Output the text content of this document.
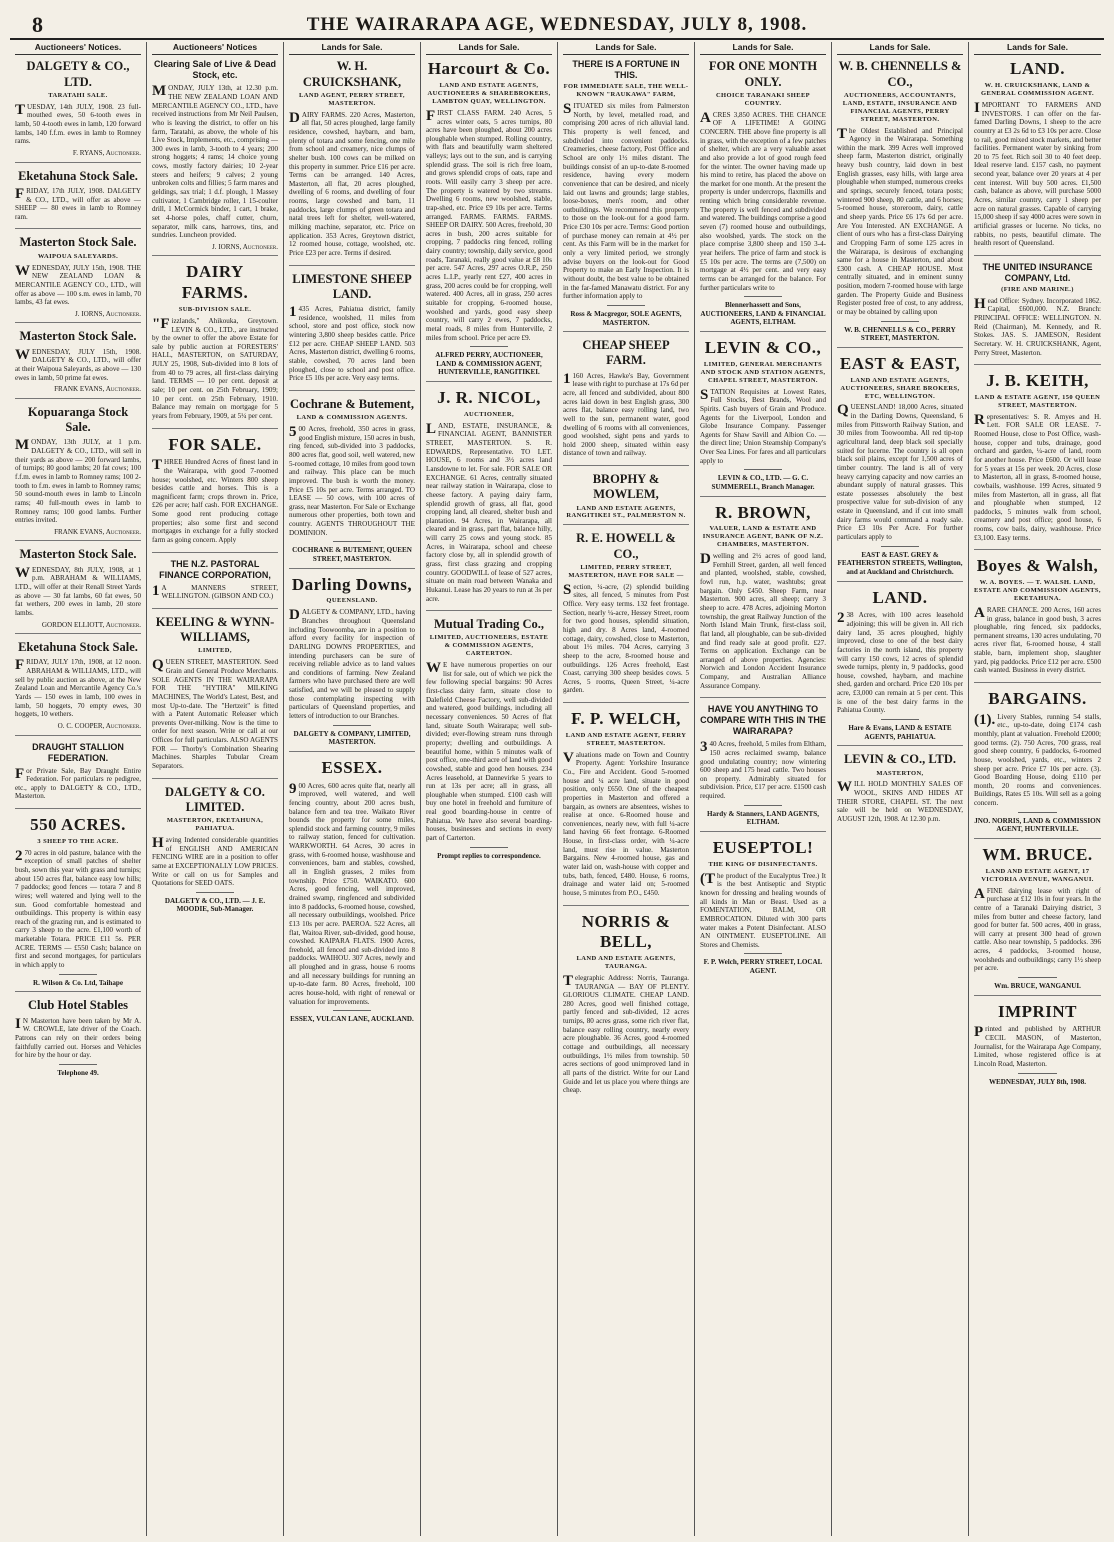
8	THE WAIRARAPA AGE, WEDNESDAY, JULY 8, 1908.
Auctioneers' Notices.
DALGETY & CO., LTD.
TARATAHI SALE.
TUESDAY, 14th JULY, 1908. 23 full-mouthed ewes, 50 6-tooth ewes in lamb, 50 4-tooth ewes in lamb, 120 forward lambs, 140 f.f.m. ewes in lamb to Romney rams.
F. RYANS, Auctioneer.
Eketahuna Stock Sale.
FRIDAY, 17th JULY, 1908. DALGETY & CO., LTD., will offer as above — SHEEP — 80 ewes in lamb to Romney ram.
Masterton Stock Sale.
WAIPOUA SALEYARDS.
WEDNESDAY, JULY 15th, 1908. THE NEW ZEALAND LOAN & MERCANTILE AGENCY CO., LTD., will offer as above — 100 s.m. ewes in lamb, 70 lambs, 43 fat ewes.
J. IORNS, Auctioneer.
Masterton Stock Sale.
WEDNESDAY, JULY 15th, 1908. DALGETY & CO., LTD., will offer at their Waipoua Saleyards, as above — 130 ewes in lamb, 50 prime fat ewes.
FRANK EVANS, Auctioneer.
Kopuaranga Stock Sale.
MONDAY, 13th JULY, at 1 p.m. DALGETY & CO., LTD., will sell in their yards as above — 200 forward lambs, of turnips; 80 good lambs; 20 fat cows; 100 f.f.m. ewes in lamb to Romney rams; 100 2-tooth to f.m. ewes in lamb to Romney rams; 50 sound-mouth ewes in lamb to Lincoln rams; 40 full-mouth ewes in lamb to Romney rams; 100 good lambs. Further entries invited.
FRANK EVANS, Auctioneer.
Masterton Stock Sale.
WEDNESDAY, 8th JULY, 1908, at 1 p.m. ABRAHAM & WILLIAMS, LTD., will offer at their Renall Street Yards as above — 30 fat lambs, 60 fat ewes, 50 fat wethers, 200 ewes in lamb, 20 store lambs.
GORDON ELLIOTT, Auctioneer.
Eketahuna Stock Sale.
FRIDAY, JULY 17th, 1908, at 12 noon. ABRAHAM & WILLIAMS, LTD., will sell by public auction as above, at the New Zealand Loan and Mercantile Agency Co.'s Yards — 150 ewes in lamb, 100 ewes in lamb, 50 hoggets, 70 empty ewes, 30 hoggets, 10 wethers.
O. C. COOPER, Auctioneer.
DRAUGHT STALLION FEDERATION.
For Private Sale, Bay Draught Entire Federation. For particulars re pedigree, etc., apply to DALGETY & CO., LTD., Masterton.
550 ACRES.
3 SHEEP TO THE ACRE.
270 acres in old pasture, balance with the exception of small patches of shelter bush, sown this year with grass and turnips; about 150 acres flat, balance easy low hills; 7 paddocks; good fences — totara 7 and 8 wires; well watered and lying well to the sun. Good comfortable homestead and outbuildings. This property is within easy reach of the grazing run, and is estimated to carry 3 sheep to the acre. £1,100 worth of marketable Totara. PRICE £11 5s. PER ACRE. TERMS — £550 Cash; balance on first and second mortgages, for particulars in which apply to
R. Wilson & Co. Ltd, Taihape
Club Hotel Stables
IN Masterton have been taken by Mr A. W. CROWLE, late driver of the Coach. Patrons can rely on their orders being faithfully carried out. Horses and Vehicles for hire by the hour or day.
Telephone 49.
Auctioneers' Notices
Clearing Sale of Live & Dead Stock, etc.
MONDAY, JULY 13th, at 12.30 p.m. THE NEW ZEALAND LOAN AND MERCANTILE AGENCY CO., LTD., have received instructions from Mr Neil Paulsen, who is leaving the district, to offer on his farm, Taratahi, as above, the whole of his Live Stock, Implements, etc., comprising — 300 ewes in lamb, 3-tooth to 4 years; 200 strong hoggets; 4 rams; 14 choice young cows, mostly factory dairies; 10 2-year steers and heifers; 9 calves; 2 young unbroken colts and fillies; 5 farm mares and geldings, sax trial; 1 d.f. plough, 1 Massey cultivator, 1 Cambridge roller, 1 15-coulter drill, 1 McCormick binder, 1 cart, 1 brake, set 4-horse poles, chaff cutter, churn, separator, milk cans, harrows, tins, and sundries. Luncheon provided.
J. IORNS, Auctioneer.
DAIRY FARMS.
SUB-DIVISION SALE.
"Fizzlands," Ahikouka, Greytown. LEVIN & CO., LTD., are instructed by the owner to offer the above Estate for sale by public auction at FORESTERS' HALL, MASTERTON, on SATURDAY, JULY 25, 1908, Sub-divided into 8 lots of from 40 to 79 acres, all first-class dairying land. TERMS — 10 per cent. deposit at sale; 10 per cent. on 25th February, 1909; 10 per cent. on 25th February, 1910. Balance may remain on mortgage for 5 years from February, 1909, at 5¼ per cent.
FOR SALE.
THREE Hundred Acres of finest land in the Wairarapa, with good 7-roomed house; woolshed, etc. Winters 800 sheep besides cattle and horses. This is a magnificent farm; crops thrown in. Price, £26 per acre; half cash. FOR EXCHANGE. Some good rent producing cottage properties; also some first and second mortgages in exchange for a fully stocked farm as going concern. Apply
THE N.Z. PASTORAL FINANCE CORPORATION,
1A MANNERS STREET, WELLINGTON. (GIBSON AND CO.)
KEELING & WYNN-WILLIAMS,
LIMITED,
QUEEN STREET, MASTERTON. Seed Grain and General Produce Merchants. SOLE AGENTS IN THE WAIRARAPA FOR THE "HYTIRA" MILKING MACHINES, The World's Latest, Best, and most Up-to-date. The "Hertzeit" is fitted with a Patent Automatic Releaser which prevents Over-milking. Now is the time to order for next season. Write or call at our Offices for full particulars. ALSO AGENTS FOR — Thorby's Combination Shearing Machines. Sharples Tubular Cream Separators.
DALGETY & CO. LIMITED.
MASTERTON, EKETAHUNA, PAHIATUA.
Having Indented considerable quantities of ENGLISH AND AMERICAN FENCING WIRE are in a position to offer same at EXCEPTIONALLY LOW PRICES. Write or call on us for Samples and Quotations for SEED OATS.
DALGETY & CO., LTD. — J. E. MOODIE, Sub-Manager.
Lands for Sale.
W. H. CRUICKSHANK,
LAND AGENT, PERRY STREET, MASTERTON.
DAIRY FARMS. 220 Acres, Masterton, all flat, 50 acres ploughed, large family residence, cowshed, haybarn, and barn, plenty of totara and some fencing, one mile from school and creamery, nice clumps of shelter bush. 100 cows can be milked on this property in summer. Price £16 per acre. Terms can be arranged. 140 Acres, Masterton, all flat, 20 acres ploughed, dwelling of 6 rooms, and dwelling of four rooms, large cowshed and barn, 11 paddocks, large clumps of green totara and natal trees left for shelter, well-watered, milking machine, separator, etc. Price on application. 353 Acres, Greytown district, 12 roomed house, cottage, woolshed, etc. Price £23 per acre. Terms if desired.
LIMESTONE SHEEP LAND.
1435 Acres, Pahiatua district, family residence, woolshed, 11 miles from school, store and post office, stock now wintering 3,800 sheep besides cattle. Price £12 per acre. CHEAP SHEEP LAND. 503 Acres, Masterton district, dwelling 6 rooms, stable, cowshed, 70 acres land been ploughed, close to school and post office. Price £5 10s per acre. Very easy terms.
Cochrane & Butement,
LAND & COMMISSION AGENTS.
500 Acres, freehold, 350 acres in grass, good English mixture, 150 acres in bush, ring fenced, sub-divided into 3 paddocks, 800 acres flat, good soil, well watered, new 5-roomed cottage, 10 miles from good town and railway. This place can be much improved. The bush is worth the money. Price £5 10s per acre. Terms arranged. TO LEASE — 50 cows, with 100 acres of grass, near Masterton. For Sale or Exchange numerous other properties, both town and country. AGENTS THROUGHOUT THE DOMINION.
COCHRANE & BUTEMENT, QUEEN STREET, MASTERTON.
Darling Downs,
QUEENSLAND.
DALGETY & COMPANY, LTD., having Branches throughout Queensland including Toowoomba, are in a position to afford every facility for inspection of DARLING DOWNS PROPERTIES, and intending purchasers can be sure of receiving reliable advice as to land values and conditions of farming. New Zealand farmers who have purchased there are well satisfied, and we will be pleased to supply those contemplating inspecting with particulars of Queensland properties, and letters of introduction to our Branches.
DALGETY & COMPANY, LIMITED, MASTERTON.
ESSEX.
900 Acres, 600 acres quite flat, nearly all improved, well watered, and well fencing country, about 200 acres bush, balance fern and tea tree. Waikato River bounds the property for some miles, splendid stock and farming country, 9 miles to railway station, fenced for cultivation. WARKWORTH. 64 Acres, 30 acres in grass, with 6-roomed house, washhouse and conveniences, barn and stables, cowshed, all in English grasses, 2 miles from township. Price £750. WAIKATO. 600 Acres, good fencing, well improved, drained swamp, ringfenced and subdivided into 8 paddocks, 6-roomed house, cowshed, all necessary outbuildings, woolshed. Price £13 10s per acre. PAEROA. 522 Acres, all flat, Waitoa River, sub-divided, good house, cowshed. KAIPARA FLATS. 1900 Acres, freehold, all fenced and sub-divided into 8 paddocks. WAIHOU. 307 Acres, newly and all ploughed and in grass, house 6 rooms and all necessary buildings for running an up-to-date farm. 80 Acres, freehold, 100 acres house-hold, with right of renewal or valuation for improvements.
ESSEX, VULCAN LANE, AUCKLAND.
Lands for Sale.
Harcourt & Co.
LAND AND ESTATE AGENTS, AUCTIONEERS & SHAREBROKERS, LAMBTON QUAY, WELLINGTON.
FIRST CLASS FARM. 240 Acres, 5 acres winter oats, 5 acres turnips, 80 acres have been ploughed, about 200 acres ploughable when stumped. Rolling country, with flats and beautifully warm sheltered valleys; lays out to the sun, and is carrying splendid grass. The soil is rich free loam, and grows splendid crops of oats, rape and roots. Will easily carry 3 sheep per acre. The property is watered by two streams. Dwelling 6 rooms, new woolshed, stable, trap-shed, etc. Price £9 10s per acre. Terms arranged. FARMS. FARMS. FARMS. SHEEP OR DAIRY. 500 Acres, freehold, 30 acres in bush, 200 acres suitable for cropping, 7 paddocks ring fenced, rolling dairy country; township, daily service, good roads, Taranaki, really good value at £8 10s per acre. 547 Acres, 297 acres O.R.P., 250 acres L.I.P., yearly rent £27, 400 acres in grass, 200 acres could be for cropping, well watered. 400 Acres, all in grass, 250 acres suitable for cropping, 6-roomed house, woolshed and yards, good easy sheep country, will carry 2 ewes, 7 paddocks, metal roads, 8 miles from Hunterville, 2 miles from school. Price per acre £9.
ALFRED PERRY, AUCTIONEER, LAND & COMMISSION AGENT, HUNTERVILLE, RANGITIKEI.
J. R. NICOL,
AUCTIONEER,
LAND, ESTATE, INSURANCE, & FINANCIAL AGENT, BANNISTER STREET, MASTERTON. S. R. EDWARDS, Representative. TO LET. HOUSE, 6 rooms and 3½ acres land Lansdowne to let. For sale. FOR SALE OR EXCHANGE. 61 Acres, centrally situated near railway station in Wairarapa, close to cheese factory. A paying dairy farm, splendid growth of grass, all flat, good cropping land, all cleared, shelter bush and plantation. 94 Acres, in Wairarapa, all cleared and in grass, part flat, balance hilly, will carry 25 cows and young stock. 85 Acres, in Wairarapa, school and cheese factory close by, all in splendid growth of grass, first class grazing and cropping country. GOODWILL of lease of 527 acres, situate on main road between Wanaka and Hukanui. Lease has 20 years to run at 3s per acre.
Mutual Trading Co.,
LIMITED, AUCTIONEERS, ESTATE & COMMISSION AGENTS, CARTERTON.
WE have numerous properties on our list for sale, out of which we pick the few following special bargains: 90 Acres first-class dairy farm, situate close to Dalefield Cheese Factory, well sub-divided and watered, good buildings, including all necessary conveniences. 50 Acres of flat land, situate South Wairarapa; well sub-divided; ever-flowing stream runs through property; dwelling and outbuildings. A beautiful home, within 5 minutes walk of post office, one-third acre of land with good cowshed, stable and good hen houses. 234 Acres leasehold, at Dannevirke 5 years to run at 13s per acre; all in grass, all ploughable when stumped. £100 cash will buy one hotel in freehold and furniture of real good boarding-house in centre of Pahiatua. We have also several boarding-houses, businesses and sections in every part of Carterton.
Prompt replies to correspondence.
Lands for Sale.
THERE IS A FORTUNE IN THIS.
FOR IMMEDIATE SALE, THE WELL-KNOWN "RAUKAWA" FARM,
SITUATED six miles from Palmerston North, by level, metalled road, and comprising 200 acres of rich alluvial land. This property is well fenced, and subdivided into convenient paddocks. Creameries, cheese factory, Post Office and School are only 1½ miles distant. The buildings consist of an up-to-date 8-roomed residence, having every modern convenience that can be desired, and nicely laid out lawns and grounds; large stables, loose-boxes, men's room, and other outbuildings. We recommend this property to those on the look-out for a good farm. Price £30 10s per acre. Terms: Good portion of purchase money can remain at 4½ per cent. As this Farm will be in the market for only a very limited period, we strongly advise buyers on the look-out for Good Property to make an Early Inspection. It is without doubt, the best value to be obtained in the far-famed Manawatu district. For any further information apply to
Ross & Macgregor, SOLE AGENTS, MASTERTON.
CHEAP SHEEP FARM.
1160 Acres, Hawke's Bay, Government lease with right to purchase at 17s 6d per acre, all fenced and subdivided, about 800 acres laid down in best English grass, 300 acres flat, balance easy rolling land, two well to the sun, permanent water, good dwelling of 6 rooms with all conveniences, good woolshed, sight pens and yards to hold 2000 sheep, situated within easy distance of town and railway.
BROPHY & MOWLEM,
LAND AND ESTATE AGENTS, RANGITIKEI ST., PALMERSTON N.
R. E. HOWELL & CO.,
LIMITED, PERRY STREET, MASTERTON, HAVE FOR SALE —
Section, ¼-acre, (2) splendid building sites, all fenced, 5 minutes from Post Office. Very easy terms. 132 feet frontage. Section, nearly ¼-acre, Hessey Street, room for two good houses, splendid situation, high and dry. 8 Acres land, 4-roomed cottage, dairy, cowshed, close to Masterton, about 1½ miles. 704 Acres, carrying 3 sheep to the acre, 8-roomed house and outbuildings. 126 Acres freehold, East Coast, carrying 300 sheep besides cows. 5 Acres, 5 rooms, Queen Street, ¼-acre garden.
F. P. WELCH,
LAND AND ESTATE AGENT, FERRY STREET, MASTERTON.
Valuations made on Town and Country Property. Agent: Yorkshire Insurance Co., Fire and Accident. Good 5-roomed house and ¼ acre land, situate in good position, only £650. One of the cheapest properties in Masterton and offered a bargain, as owners are absentees, wishes to realise at once. 6-Roomed house and conveniences, nearly new, with full ¼-acre land having 66 feet frontage. 6-Roomed House, in first-class order, with ¼-acre land, must rise in value. Masterton Bargains. New 4-roomed house, gas and water laid on, wash-house with copper and tubs, bath, fenced, £480. House, 6 rooms, drainage and water laid on; 5-roomed house, 5 minutes from P.O., £450.
NORRIS & BELL,
LAND AND ESTATE AGENTS, TAURANGA.
Telegraphic Address: Norris, Tauranga. TAURANGA — BAY OF PLENTY. GLORIOUS CLIMATE. CHEAP LAND. 280 Acres, good well finished cottage, partly fenced and sub-divided, 12 acres turnips, 80 acres grass, some rich river flat, balance easy rolling country, nearly every acre ploughable. 36 Acres, good 4-roomed cottage and outbuildings, all necessary outbuildings, 1½ miles from township. 50 acres sections of good unimproved land in all parts of the district. Write for our Land Guide and let us place you where things are cheap.
Lands for Sale.
FOR ONE MONTH ONLY.
CHOICE TARANAKI SHEEP COUNTRY.
ACRES 3,850 ACRES. THE CHANCE OF A LIFETIME! A GOING CONCERN. THE above fine property is all in grass, with the exception of a few patches of shelter, which are a very valuable asset and also provide a lot of good rough feed for the winter. The owner having made up his mind to retire, has placed the above on the market for one month. At the present the property is under undercrops, flaxmills and renting which bring considerable revenue. The property is well fenced and subdivided and watered. The buildings comprise a good seven (7) roomed house and outbuildings, also woolshed, yards. The stock on the place comprise 3,800 sheep and 150 3-4-year heifers. The price of farm and stock is £5 10s per acre. The terms are (7,500) on mortgage at 4½ per cent. and very easy terms can be arranged for the balance. For further particulars write to
Blennerhassett and Sons, AUCTIONEERS, LAND & FINANCIAL AGENTS, ELTHAM.
LEVIN & CO.,
LIMITED, GENERAL MERCHANTS AND STOCK AND STATION AGENTS, CHAPEL STREET, MASTERTON.
STATION Requisites at Lowest Rates, Full Stocks, Best Brands, Wool and Spirits. Cash buyers of Grain and Produce. Agents for the Liverpool, London and Globe Insurance Company. Passenger Agents for Shaw Savill and Albion Co. — the direct line; Union Steamship Company's Over Sea Lines. For fares and all particulars apply to
LEVIN & CO., LTD. — G. C. SUMMERELL, Branch Manager.
R. BROWN,
VALUER, LAND & ESTATE AND INSURANCE AGENT, BANK OF N.Z. CHAMBERS, MASTERTON.
Dwelling and 2½ acres of good land, Fernhill Street, garden, all well fenced and planted, woolshed, stable, cowshed, fowl run, h.p. water, washtubs; great bargain. Only £450. Sheep Farm, near Masterton. 900 acres, all sheep; carry 3 sheep to acre. 478 Acres, adjoining Morton township, the great Railway Junction of the North Island Main Trunk, first-class soil, flat land, all ploughable, can be sub-divided and find ready sale at good profit. £27. Terms on application. Exchange can be arranged of above properties. Agencies: Norwich and London Accident Insurance Company, and Australian Alliance Assurance Company.
HAVE YOU ANYTHING TO COMPARE WITH THIS IN THE WAIRARAPA?
340 Acres, freehold, 5 miles from Eltham, 150 acres reclaimed swamp, balance good undulating country; now wintering 600 sheep and 175 head cattle. Two houses on property. Admirably situated for subdivision. Price, £17 per acre. £1500 cash required.
Hardy & Stanners, LAND AGENTS, ELTHAM.
EUSEPTOL!
THE KING OF DISINFECTANTS.
(The product of the Eucalyptus Tree.) It is the best Antiseptic and Styptic known for dressing and healing wounds of all kinds in Man or Beast. Used as a FOMENTATION, BALM, OR EMBROCATION. Diluted with 300 parts water makes a Potent Disinfectant. ALSO AN OINTMENT. EUSEPTOLINE. All Stores and Chemists.
F. P. Welch, PERRY STREET, LOCAL AGENT.
Lands for Sale.
W. B. CHENNELLS & CO.,
AUCTIONEERS, ACCOUNTANTS, LAND, ESTATE, INSURANCE AND FINANCIAL AGENTS, PERRY STREET, MASTERTON.
The Oldest Established and Principal Agency in the Wairarapa. Something within the mark. 399 Acres well improved sheep farm, Masterton district, originally heavy bush country, laid down in best English grasses, easy hills, with large area ploughable when stumped, numerous creeks and springs, securely fenced, totara posts; wintered 900 sheep, 80 cattle, and 6 horses; 5-roomed house, storeroom, dairy, cattle and sheep yards. Price £6 17s 6d per acre. Are You Interested. AN EXCHANGE. A client of ours who has a first-class Dairying and Cropping Farm of some 125 acres in the Wairarapa, is desirous of exchanging same for a house in Masterton, and about £300 cash. A CHEAP HOUSE. Most centrally situated, and in eminent sunny position, modern 7-roomed house with large garden. The Property Guide and Business Register posted free of cost, to any address, or may be obtained by calling upon
W. B. CHENNELLS & CO., PERRY STREET, MASTERTON.
EAST & EAST,
LAND AND ESTATE AGENTS, AUCTIONEERS, SHARE BROKERS, ETC, WELLINGTON.
QUEENSLAND! 18,000 Acres, situated in the Darling Downs, Queensland, 6 miles from Pittsworth Railway Station, and 30 miles from Toowoomba. All red tip-top agricultural land, deep black soil specially suited for lucerne. The country is all open black soil plains, except for 1,500 acres of timber country. The land is all of very heavy carrying capacity and now carries an abundant supply of natural grasses. This estate possesses absolutely the best prospective value for sub-division of any estate in Queensland, and if cut into small dairy farms would command a ready sale. Price £3 10s Per Acre. For further particulars apply to
EAST & EAST. GREY & FEATHERSTON STREETS, Wellington, and at Auckland and Christchurch.
LAND.
238 Acres, with 100 acres leasehold adjoining; this will be given in. All rich dairy land, 35 acres ploughed, highly improved, close to one of the best dairy factories in the north island, this property will carry 150 cows, 12 acres of splendid swede turnips, plenty in, 9 paddocks, good house, cowshed, haybarn, and machine shed, garden and orchard. Price £20 10s per acre, £3,000 can remain at 5 per cent. This is one of the best dairy farms in the Pahiatua County.
Hare & Evans, LAND & ESTATE AGENTS, PAHIATUA.
LEVIN & CO., LTD.
MASTERTON,
WILL HOLD MONTHLY SALES OF WOOL, SKINS AND HIDES AT THEIR STORE, CHAPEL ST. The next sale will be held on WEDNESDAY, AUGUST 12th, 1908. At 12.30 p.m.
Lands for Sale.
LAND.
W. H. CRUICKSHANK, LAND & GENERAL COMMISSION AGENT.
IMPORTANT TO FARMERS AND INVESTORS. I can offer on the far-famed Darling Downs, 1 sheep to the acre country at £3 2s 6d to £3 10s per acre. Close to rail, good mixed stock markets, and better facilities. Permanent water by sinking from 20 to 75 feet. Rich soil 30 to 40 feet deep. Ideal reserve land. £157 cash, no payment second year, balance over 20 years at 4 per cent interest. Will buy 500 acres. £1,500 cash, balance as above, will purchase 5000 Acres, similar country, carry 1 sheep per acre on natural grasses. Capable of carrying 15,000 sheep if say 4000 acres were sown in artificial grasses or lucerne. No ticks, no rabbits, no pests, beautiful climate. The health resort of Queensland.
THE UNITED INSURANCE COMPANY, Ltd.
(FIRE AND MARINE.)
Head Office: Sydney. Incorporated 1862. Capital, £600,000. N.Z. Branch: PRINCIPAL OFFICE: WELLINGTON. N. Reid (Chairman), M. Kennedy, and R. Stokes. JAS. S. JAMESON, Resident Secretary. W. H. CRUICKSHANK, Agent, Perry Street, Masterton.
J. B. KEITH,
LAND & ESTATE AGENT, 150 QUEEN STREET, MASTERTON.
Representatives: S. R. Amyes and H. Lett. FOR SALE OR LEASE. 7-Roomed House, close to Post Office, wash-house, copper and tubs, drainage, good orchard and garden, ¼-acre of land, room for another house. Price £600. Or will lease for 5 years at 15s per week. 20 Acres, close to Masterton, all in grass, 8-roomed house, cowbails, washhouse. 199 Acres, situated 9 miles from Masterton, all in grass, all flat and ploughable when stumped, 12 paddocks, 5 minutes walk from school, creamery and post office; good house, 6 rooms, cow bails, dairy, washhouse. Price £3,100. Easy terms.
Boyes & Walsh,
W. A. BOYES. — T. WALSH. LAND, ESTATE AND COMMISSION AGENTS, EKETAHUNA.
ARARE CHANCE. 200 Acres, 160 acres in grass, balance in good bush, 3 acres ploughable, ring fenced, six paddocks, permanent streams, 130 acres undulating, 70 acres river flat, 6-roomed house, 4 stall stable, barn, implement shop, slaughter yard, pig paddocks. Price £12 per acre. £500 cash wanted. Business in every district.
BARGAINS.
(1).Livery Stables, running 54 stalls, etc., up-to-date, doing £174 cash monthly, plant at valuation. Freehold £2000; good terms. (2). 750 Acres, 700 grass, real good sheep country, 6 paddocks, 6-roomed house, woolshed, yards, etc., winters 2 sheep per acre. Price £7 10s per acre. (3). Good Boarding House, doing £110 per month, 20 rooms and conveniences. Buildings, Rates £5 10s. Will sell as a going concern.
JNO. NORRIS, LAND & COMMISSION AGENT, HUNTERVILLE.
WM. BRUCE.
LAND AND ESTATE AGENT, 17 VICTORIA AVENUE, WANGANUI.
AFINE dairying lease with right of purchase at £12 10s in four years. In the centre of a Taranaki Dairying district, 3 miles from butter and cheese factory, land good for butter fat. 500 acres, 400 in grass, will carry at present 300 head of grown cattle. Also near township, 5 paddocks. 396 acres, 4 paddocks, 3-roomed house, woolsheds and outbuildings; carry 1½ sheep per acre.
Wm. BRUCE, WANGANUI.
IMPRINT
Printed and published by ARTHUR CECIL MASON, of Masterton, Journalist, for the Wairarapa Age Company, Limited, whose registered office is at Lincoln Road, Masterton.
WEDNESDAY, JULY 8th, 1908.
